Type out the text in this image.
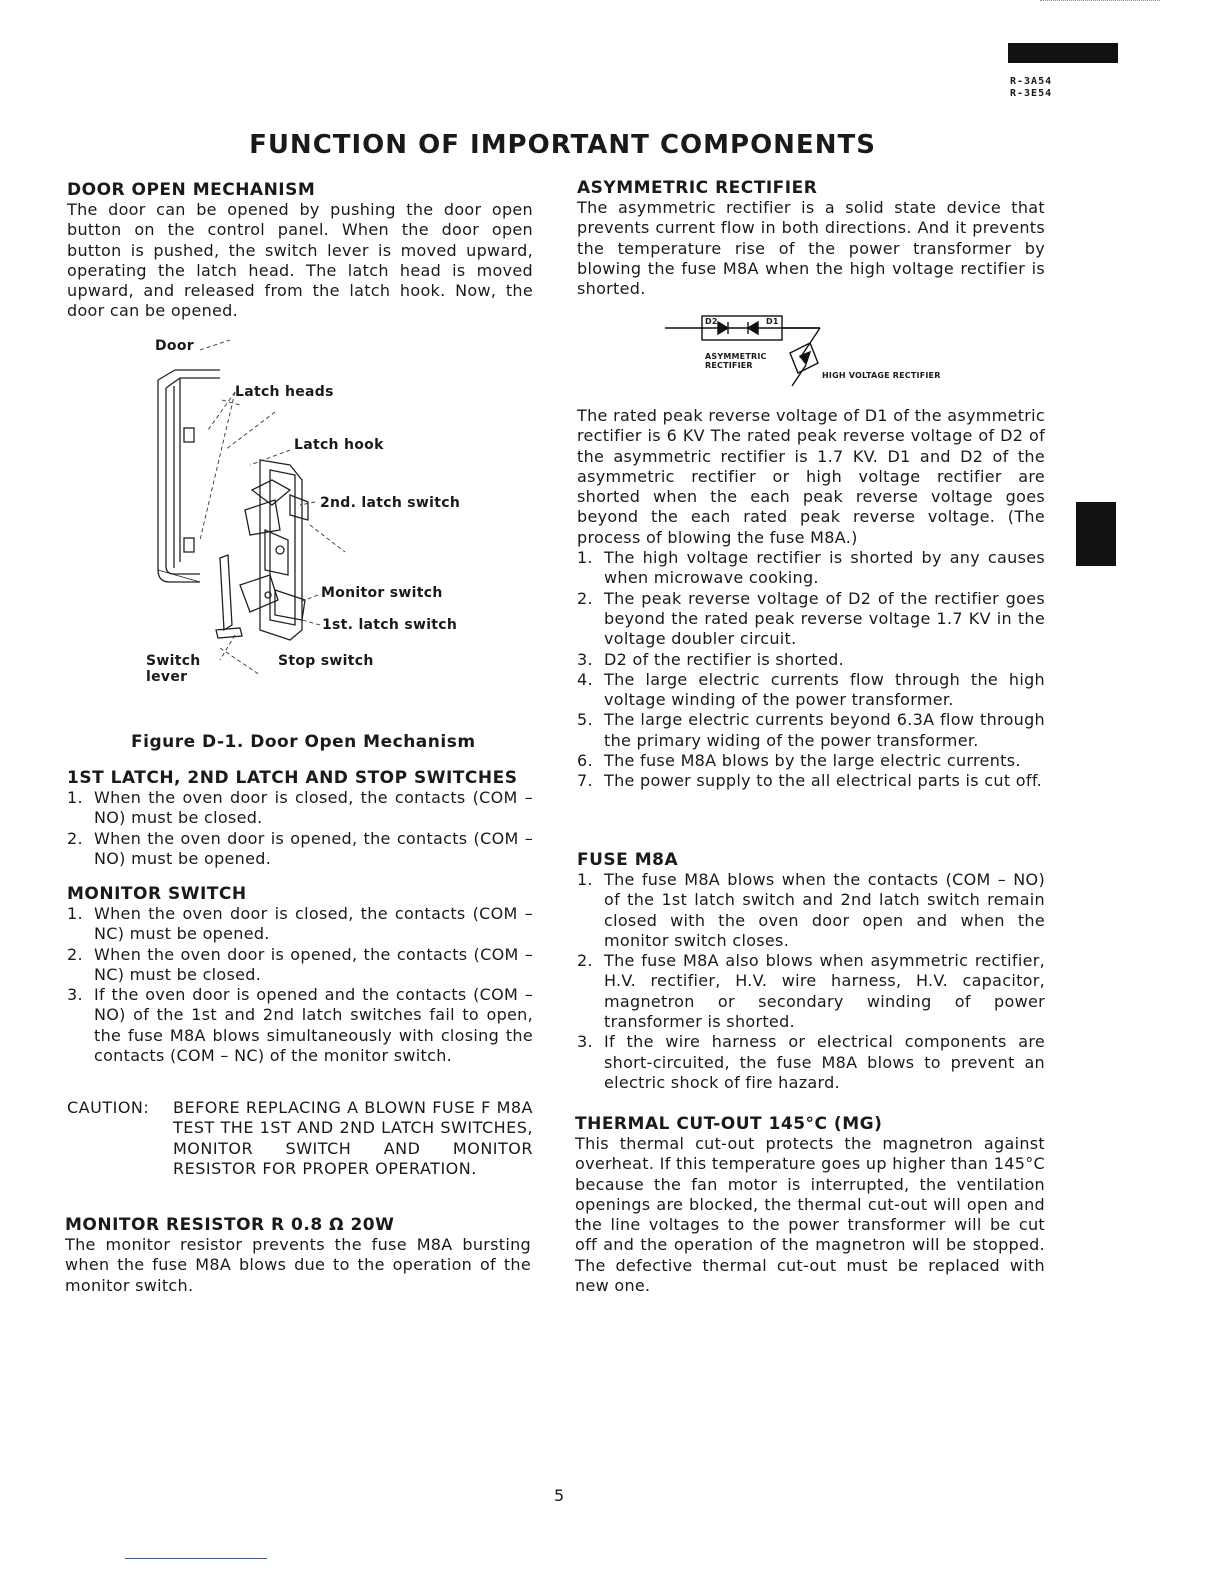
R-3A54
R-3E54
FUNCTION OF IMPORTANT COMPONENTS
DOOR OPEN MECHANISM

The door can be opened by pushing the door open button on the control panel. When the door open button is pushed, the switch lever is moved upward, operating the latch head. The latch head is moved upward, and released from the latch hook. Now, the door can be opened.

Door
Latch heads
Latch hook
2nd. latch switch
Monitor switch
1st. latch switch
Switch lever
Stop switch
Figure D-1. Door Open Mechanism
1ST LATCH, 2ND LATCH AND STOP SWITCHES
1. When the oven door is closed, the contacts (COM – NO) must be closed.
2. When the oven door is opened, the contacts (COM – NO) must be opened.
MONITOR SWITCH
1. When the oven door is closed, the contacts (COM – NC) must be opened.
2. When the oven door is opened, the contacts (COM – NC) must be closed.
3. If the oven door is opened and the contacts (COM – NO) of the 1st and 2nd latch switches fail to open, the fuse M8A blows simultaneously with closing the contacts (COM – NC) of the monitor switch.
CAUTION: BEFORE REPLACING A BLOWN FUSE F M8A TEST THE 1ST AND 2ND LATCH SWITCHES, MONITOR SWITCH AND MONITOR RESISTOR FOR PROPER OPERATION.
MONITOR RESISTOR R 0.8 Ω 20W

The monitor resistor prevents the fuse M8A bursting when the fuse M8A blows due to the operation of the monitor switch.

ASYMMETRIC RECTIFIER

The asymmetric rectifier is a solid state device that prevents current flow in both directions. And it prevents the temperature rise of the power transformer by blowing the fuse M8A when the high voltage rectifier is shorted.

D2	D1
ASYMMETRIC
RECTIFIER
HIGH VOLTAGE RECTIFIER

The rated peak reverse voltage of D1 of the asymmetric rectifier is 6 KV The rated peak reverse voltage of D2 of the asymmetric rectifier is 1.7 KV. D1 and D2 of the asymmetric rectifier or high voltage rectifier are shorted when the each peak reverse voltage goes beyond the each rated peak reverse voltage. (The process of blowing the fuse M8A.)

1. The high voltage rectifier is shorted by any causes when microwave cooking.
2. The peak reverse voltage of D2 of the rectifier goes beyond the rated peak reverse voltage 1.7 KV in the voltage doubler circuit.
3. D2 of the rectifier is shorted.
4. The large electric currents flow through the high voltage winding of the power transformer.
5. The large electric currents beyond 6.3A flow through the primary widing of the power transformer.
6. The fuse M8A blows by the large electric currents.
7. The power supply to the all electrical parts is cut off.
FUSE M8A
1. The fuse M8A blows when the contacts (COM – NO) of the 1st latch switch and 2nd latch switch remain closed with the oven door open and when the monitor switch closes.
2. The fuse M8A also blows when asymmetric rectifier, H.V. rectifier, H.V. wire harness, H.V. capacitor, magnetron or secondary winding of power transformer is shorted.
3. If the wire harness or electrical components are short-circuited, the fuse M8A blows to prevent an electric shock of fire hazard.
THERMAL CUT-OUT 145°C (MG)

This thermal cut-out protects the magnetron against overheat. If this temperature goes up higher than 145°C because the fan motor is interrupted, the ventilation openings are blocked, the thermal cut-out will open and the line voltages to the power transformer will be cut off and the operation of the magnetron will be stopped. The defective thermal cut-out must be replaced with new one.

5
